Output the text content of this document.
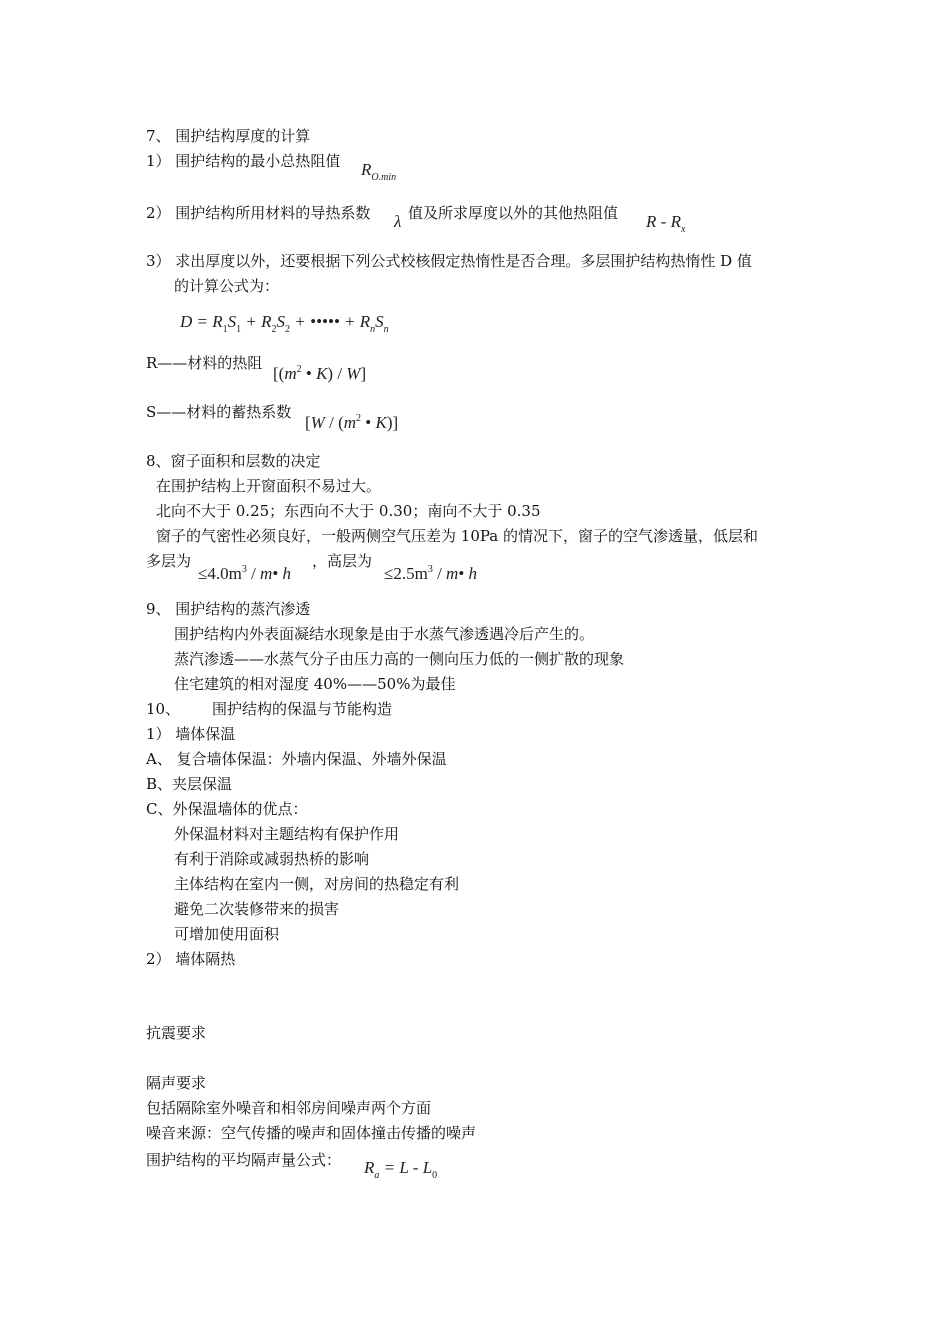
7、 围护结构厚度的计算
1） 围护结构的最小总热阻值 $R_{O.min}$
2） 围护结构所用材料的导热系数 λ 值及所求厚度以外的其他热阻值 R - $R_x$
3） 求出厚度以外，还要根据下列公式校核假定热惰性是否合理。多层围护结构热惰性 D 值
的计算公式为：
$D = R_1S_1 + R_2S_2$ + ••••• + $R_nS_n$
R——材料的热阻
[($m^2$ • K) / W]
S——材料的蓄热系数
[$W / (m^2$ • K)]
8、窗子面积和层数的决定
在围护结构上开窗面积不易过大。
北向不大于 0.25；东西向不大于 0.30；南向不大于 0.35
窗子的气密性必须良好，一般两侧空气压差为 10Pa 的情况下，窗子的空气渗透量，低层和
多层为
$\le 4.0m^3$ / m• h
，高层为
$\le 2.5m^3$ / m• h
9、 围护结构的蒸汽渗透
围护结构内外表面凝结水现象是由于水蒸气渗透遇冷后产生的。
蒸汽渗透——水蒸气分子由压力高的一侧向压力低的一侧扩散的现象
住宅建筑的相对湿度 40%——50%为最佳
10、 围护结构的保温与节能构造
1） 墙体保温
A、 复合墙体保温：外墙内保温、外墙外保温
B、夹层保温
C、外保温墙体的优点：
外保温材料对主题结构有保护作用
有利于消除或减弱热桥的影响
主体结构在室内一侧，对房间的热稳定有利
避免二次装修带来的损害
可增加使用面积
2） 墙体隔热
抗震要求
隔声要求
包括隔除室外噪音和相邻房间噪声两个方面
噪音来源：空气传播的噪声和固体撞击传播的噪声
围护结构的平均隔声量公式： $R_a = L - L_0$
